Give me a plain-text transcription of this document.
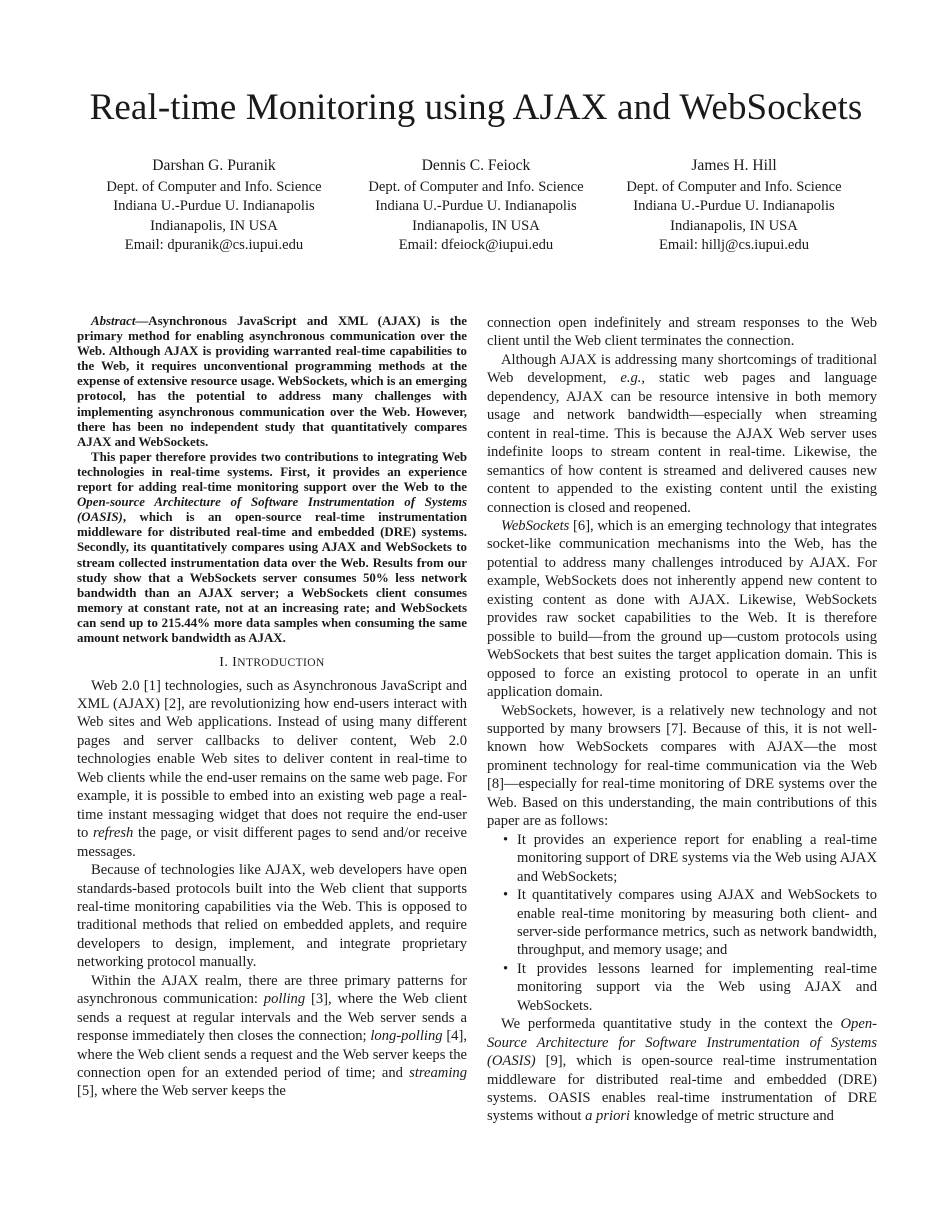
Real-time Monitoring using AJAX and WebSockets
Darshan G. Puranik
Dept. of Computer and Info. Science
Indiana U.-Purdue U. Indianapolis
Indianapolis, IN USA
Email: dpuranik@cs.iupui.edu
Dennis C. Feiock
Dept. of Computer and Info. Science
Indiana U.-Purdue U. Indianapolis
Indianapolis, IN USA
Email: dfeiock@iupui.edu
James H. Hill
Dept. of Computer and Info. Science
Indiana U.-Purdue U. Indianapolis
Indianapolis, IN USA
Email: hillj@cs.iupui.edu

Abstract—Asynchronous JavaScript and XML (AJAX) is the primary method for enabling asynchronous communication over the Web. Although AJAX is providing warranted real-time capabilities to the Web, it requires unconventional programming methods at the expense of extensive resource usage. WebSockets, which is an emerging protocol, has the potential to address many challenges with implementing asynchronous communication over the Web. However, there has been no independent study that quantitatively compares AJAX and WebSockets.

This paper therefore provides two contributions to integrating Web technologies in real-time systems. First, it provides an experience report for adding real-time monitoring support over the Web to the Open-source Architecture of Software Instrumentation of Systems (OASIS), which is an open-source real-time instrumentation middleware for distributed real-time and embedded (DRE) systems. Secondly, its quantitatively compares using AJAX and WebSockets to stream collected instrumentation data over the Web. Results from our study show that a WebSockets server consumes 50% less network bandwidth than an AJAX server; a WebSockets client consumes memory at constant rate, not at an increasing rate; and WebSockets can send up to 215.44% more data samples when consuming the same amount network bandwidth as AJAX.

I. INTRODUCTION

Web 2.0 [1] technologies, such as Asynchronous JavaScript and XML (AJAX) [2], are revolutionizing how end-users interact with Web sites and Web applications. Instead of using many different pages and server callbacks to deliver content, Web 2.0 technologies enable Web sites to deliver content in real-time to Web clients while the end-user remains on the same web page. For example, it is possible to embed into an existing web page a real-time instant messaging widget that does not require the end-user to refresh the page, or visit different pages to send and/or receive messages.

Because of technologies like AJAX, web developers have open standards-based protocols built into the Web client that supports real-time monitoring capabilities via the Web. This is opposed to traditional methods that relied on embedded applets, and require developers to design, implement, and integrate proprietary networking protocol manually.

Within the AJAX realm, there are three primary patterns for asynchronous communication: polling [3], where the Web client sends a request at regular intervals and the Web server sends a response immediately then closes the connection; long-polling [4], where the Web client sends a request and the Web server keeps the connection open for an extended period of time; and streaming [5], where the Web server keeps the

connection open indefinitely and stream responses to the Web client until the Web client terminates the connection.

Although AJAX is addressing many shortcomings of traditional Web development, e.g., static web pages and language dependency, AJAX can be resource intensive in both memory usage and network bandwidth—especially when streaming content in real-time. This is because the AJAX Web server uses indefinite loops to stream content in real-time. Likewise, the semantics of how content is streamed and delivered causes new content to appended to the existing content until the existing connection is closed and reopened.

WebSockets [6], which is an emerging technology that integrates socket-like communication mechanisms into the Web, has the potential to address many challenges introduced by AJAX. For example, WebSockets does not inherently append new content to existing content as done with AJAX. Likewise, WebSockets provides raw socket capabilities to the Web. It is therefore possible to build—from the ground up—custom protocols using WebSockets that best suites the target application domain. This is opposed to force an existing protocol to operate in an unfit application domain.

WebSockets, however, is a relatively new technology and not supported by many browsers [7]. Because of this, it is not well-known how WebSockets compares with AJAX—the most prominent technology for real-time communication via the Web [8]—especially for real-time monitoring of DRE systems over the Web. Based on this understanding, the main contributions of this paper are as follows:

• It provides an experience report for enabling a real-time monitoring support of DRE systems via the Web using AJAX and WebSockets;
• It quantitatively compares using AJAX and WebSockets to enable real-time monitoring by measuring both client- and server-side performance metrics, such as network bandwidth, throughput, and memory usage; and
• It provides lessons learned for implementing real-time monitoring support via the Web using AJAX and WebSockets.

We performeda quantitative study in the context the Open-Source Architecture for Software Instrumentation of Systems (OASIS) [9], which is open-source real-time instrumentation middleware for distributed real-time and embedded (DRE) systems. OASIS enables real-time instrumentation of DRE systems without a priori knowledge of metric structure and
